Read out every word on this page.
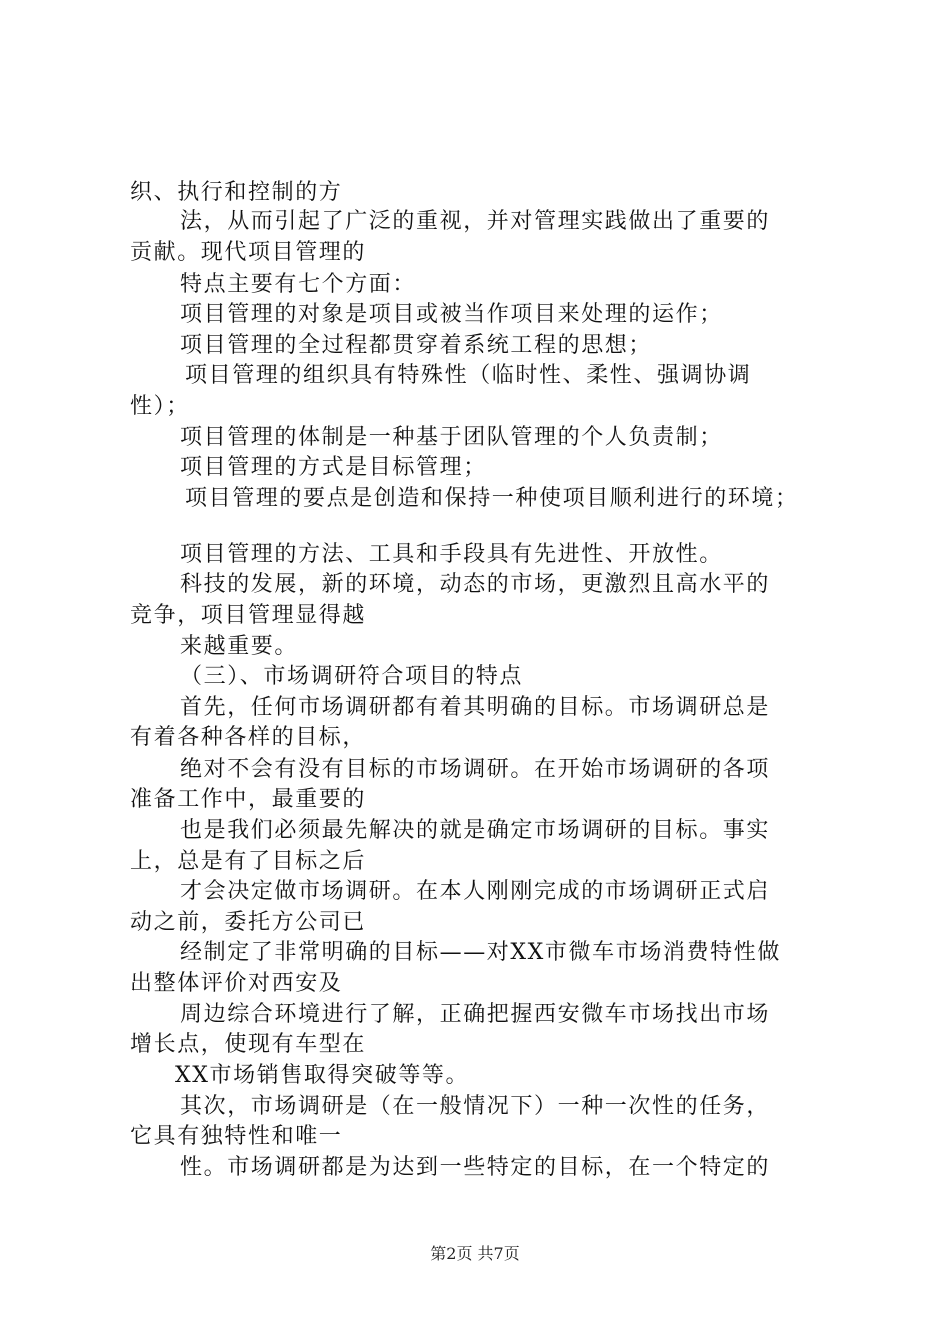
织、执行和控制的方
法，从而引起了广泛的重视，并对管理实践做出了重要的
贡献。现代项目管理的
特点主要有七个方面：
项目管理的对象是项目或被当作项目来处理的运作；
项目管理的全过程都贯穿着系统工程的思想；
项目管理的组织具有特殊性（临时性、柔性、强调协调
性）；
项目管理的体制是一种基于团队管理的个人负责制；
项目管理的方式是目标管理；
项目管理的要点是创造和保持一种使项目顺利进行的环境；
项目管理的方法、工具和手段具有先进性、开放性。
科技的发展，新的环境，动态的市场，更激烈且高水平的
竞争，项目管理显得越
来越重要。
（三）、市场调研符合项目的特点
首先，任何市场调研都有着其明确的目标。市场调研总是
有着各种各样的目标，
绝对不会有没有目标的市场调研。在开始市场调研的各项
准备工作中，最重要的
也是我们必须最先解决的就是确定市场调研的目标。事实
上，总是有了目标之后
才会决定做市场调研。在本人刚刚完成的市场调研正式启
动之前，委托方公司已
经制定了非常明确的目标——对XX市微车市场消费特性做
出整体评价对西安及
周边综合环境进行了解，正确把握西安微车市场找出市场
增长点，使现有车型在
XX市场销售取得突破等等。
其次，市场调研是（在一般情况下）一种一次性的任务，
它具有独特性和唯一
性。市场调研都是为达到一些特定的目标，在一个特定的
第2页 共7页
